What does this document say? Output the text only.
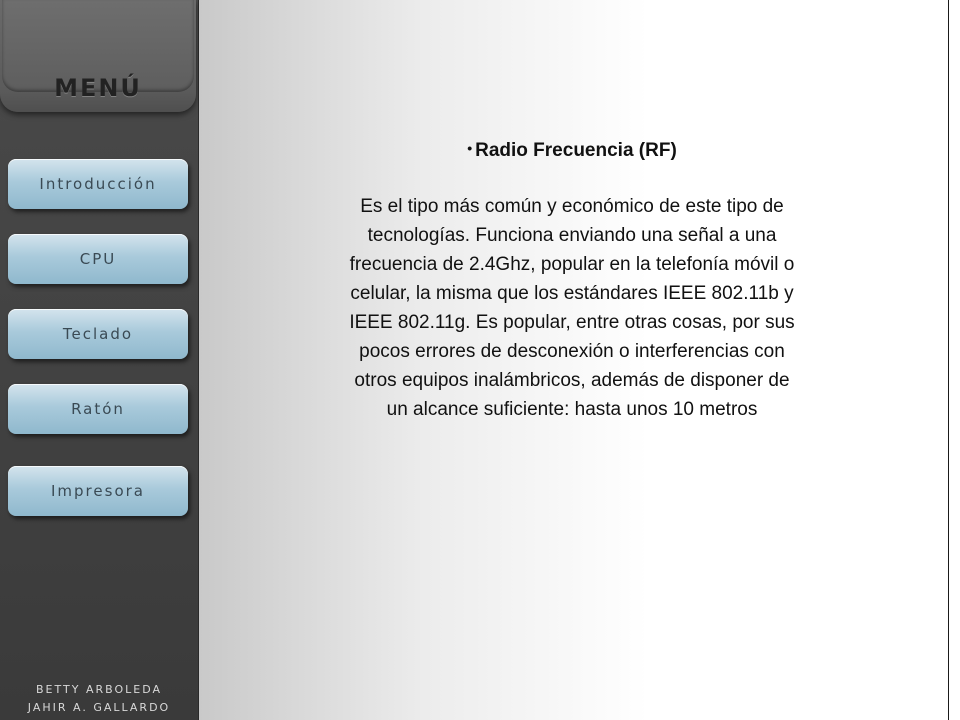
MENÚ
Introducción
CPU
Teclado
Ratón
Impresora
BETTY ARBOLEDA
JAHIR A. GALLARDO
• Radio Frecuencia (RF)

Es el tipo más común y económico de este tipo de tecnologías. Funciona enviando una señal a una frecuencia de 2.4Ghz, popular en la telefonía móvil o celular, la misma que los estándares IEEE 802.11b y IEEE 802.11g. Es popular, entre otras cosas, por sus pocos errores de desconexión o interferencias con otros equipos inalámbricos, además de disponer de un alcance suficiente: hasta unos 10 metros
